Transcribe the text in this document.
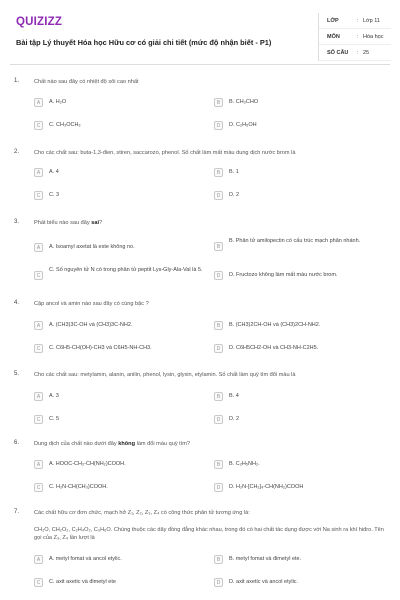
QUIZIZZ
Bài tập Lý thuyết Hóa học Hữu cơ có giải chi tiết (mức độ nhận biết - P1)
LỚP	: Lớp 11
MÔN	: Hóa học
SỐ CÂU	: 25
1.	Chất nào sau đây có nhiệt độ sôi cao nhất
A	A. H₂O	B	B. CH₃CHO
C	C. CH₃OCH₃	D	D. C₂H₅OH
2.	Cho các chất sau: buta-1,3-đien, stiren, saccarozo, phenol. Số chất làm mất màu dung dịch nước brom là
A	A. 4	B	B. 1
C	C. 3	D	D. 2
3.	Phát biểu nào sau đây sai?
A	A. Isoamyl axetat là este không no.	B
B. Phân tử amilopectin có cấu trúc mạch phân nhánh.
C
C. Số nguyên tử N có trong phân tử peptit Lys-Gly-Ala-Val là 5.
D	D. Fructozo không làm mất màu nước brom.
4.	Cặp ancol và amin nào sau đây có cùng bậc ?
A	A. (CH3)3C-OH và (CH3)3C-NH2.	B	B. (CH3)2CH-OH và (CH3)2CH-NH2.
C	C. C6H5-CH(OH)-CH3 và C6H5-NH-CH3.	D	D. C6H5CH2-OH và CH3-NH-C2H5.
5.	Cho các chất sau: metylamin, alanin, anilin, phenol, lysin, glyxin, etylamin. Số chất làm quỳ tím đổi màu là
A	A. 3	B	B. 4
C	C. 5	D	D. 2
6.	Dung dịch của chất nào dưới đây không làm đổi màu quỳ tím?
A	A. HOOC-CH₂-CH(NH₂)COOH.	B	B. C₂H₅NH₂.
C	C. H₂N-CH(CH₃)COOH.	D	D. H₂N-[CH₂]₄-CH(NH₂)COOH
7.	Các chất hữu cơ đơn chức, mạch hở Z₁, Z₂, Z₃, Z₄ có công thức phân tử tương ứng là:
CH₂O, CH₂O₂, C₂H₄O₂, C₃H₆O. Chúng thuộc các dãy đồng đẳng khác nhau, trong đó có hai chất tác dụng được với Na sinh ra khí hiđro. Tên gọi của Z₃, Z₄ lần lượt là
A	A. metyl fomat và ancol etylic.	B	B. metyl fomat và đimetyl ete.
C	C. axit axetic và đimetyl ete	D	D. axit axetic và ancol etylic.
